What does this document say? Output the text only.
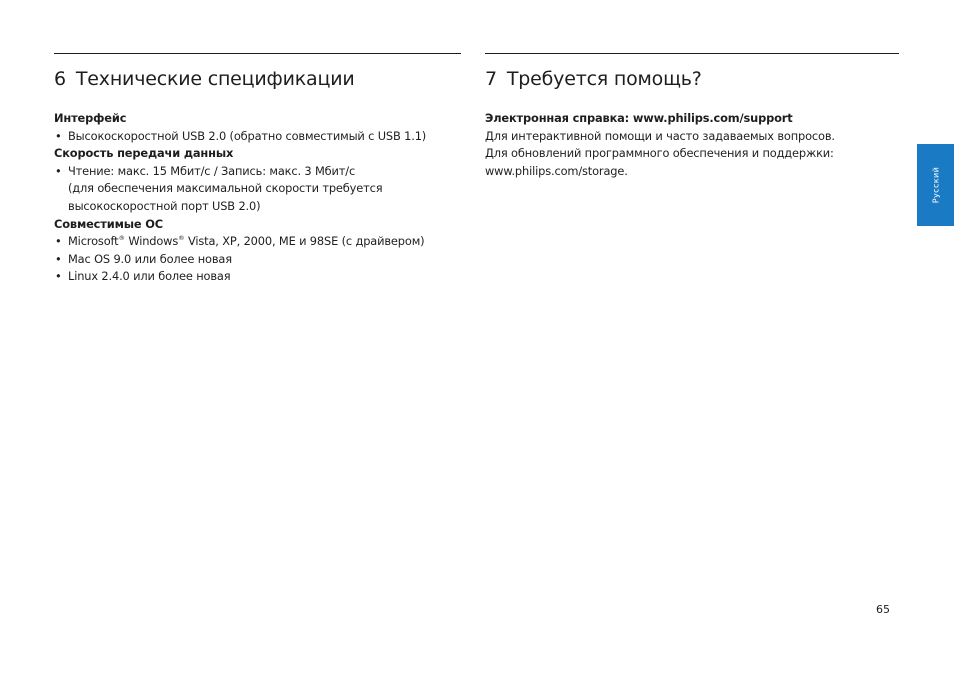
6 Технические спецификации	7 Требуется помощь?
Интерфейс
• Высокоскоростной USB 2.0 (обратно совместимый с USB 1.1)
Скорость передачи данных
• Чтение: макс. 15 Мбит/с / Запись: макс. 3 Мбит/с
(для обеспечения максимальной скорости требуется
высокоскоростной порт USB 2.0)
Совместимые ОС
• Microsoft® Windows® Vista, XP, 2000, ME и 98SE (с драйвером)
• Mac OS 9.0 или более новая
• Linux 2.4.0 или более новая
Электронная справка: www.philips.com/support
Для интерактивной помощи и часто задаваемых вопросов.
Для обновлений программного обеспечения и поддержки:
www.philips.com/storage.	Русский
65
